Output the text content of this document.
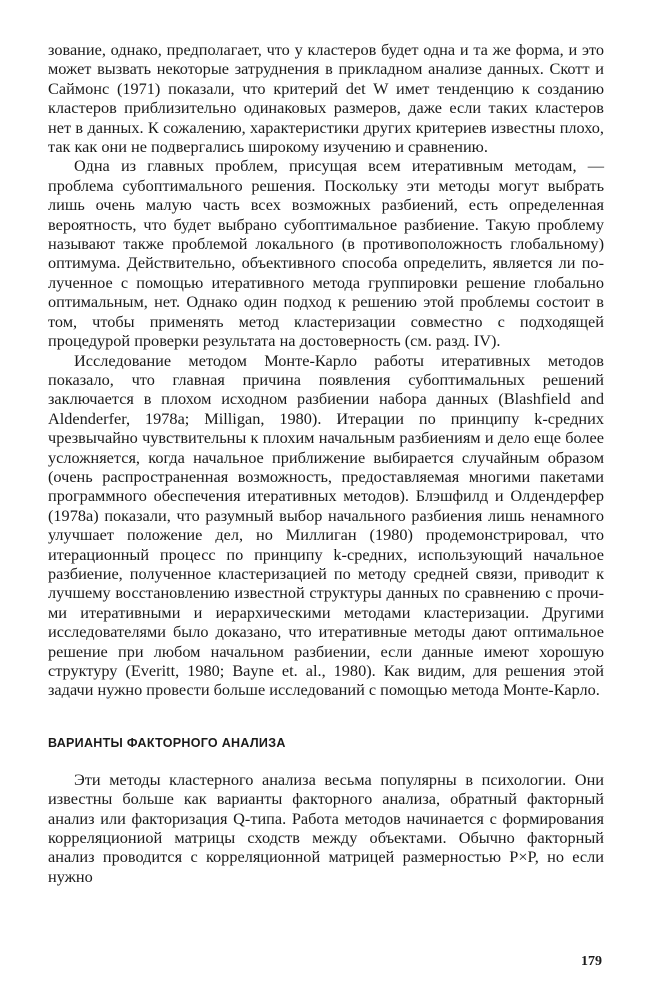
зование, однако, предполагает, что у кластеров будет одна и та же форма, и это может вызвать некоторые затруднения в прикладном анализе данных. Скотт и Саймонс (1971) показали, что критерий det W имет тенденцию к созданию кластеров приблизительно одинаковых размеров, даже если таких кластеров нет в данных. К сожалению, характеристики других критериев известны плохо, так как они не подвергались широкому изучению и сравнению.

Одна из главных проблем, присущая всем итеративным методам, — проблема субоптимального решения. Поскольку эти методы могут выбрать лишь очень малую часть всех возможных разбиений, есть определенная вероятность, что будет выбрано субоптимальное разбиение. Такую проблему называют также проблемой локального (в противоположность глобальному) оптимума. Действительно, объективного способа определить, является ли полученное с помощью итеративного метода группировки решение глобально оптимальным, нет. Однако один подход к решению этой проблемы состоит в том, чтобы применять метод кластеризации совместно с подходящей процедурой проверки результата на достоверность (см. разд. IV).

Исследование методом Монте-Карло работы итеративных методов показало, что главная причина появления субоптимальных решений заключается в плохом исходном разбиении набора данных (Blashfield and Aldenderfer, 1978a; Milligan, 1980). Итерации по принципу k-средних чрезвычайно чувствительны к плохим начальным разбиениям и дело еще более усложняется, когда начальное приближение выбирается случайным образом (очень распространенная возможность, предоставляемая многими пакетами программного обеспечения итеративных методов). Блэшфилд и Олдендерфер (1978a) показали, что разумный выбор начального разбиения лишь ненамного улучшает положение дел, но Миллиган (1980) продемонстрировал, что итерационный процесс по принципу k-средних, использующий начальное разбиение, полученное кластеризацией по методу средней связи, приводит к лучшему восстановлению известной структуры данных по сравнению с прочими итеративными и иерархическими методами кластеризации. Другими исследователями было доказано, что итеративные методы дают оптимальное решение при любом начальном разбиении, если данные имеют хорошую структуру (Everitt, 1980; Bayne et. al., 1980). Как видим, для решения этой задачи нужно провести больше исследований с помощью метода Монте-Карло.

ВАРИАНТЫ ФАКТОРНОГО АНАЛИЗА

Эти методы кластерного анализа весьма популярны в психологии. Они известны больше как варианты факторного анализа, обратный факторный анализ или факторизация Q-типа. Работа методов начинается с формирования корреляциониой матрицы сходств между объектами. Обычно факторный анализ проводится с корреляционной матрицей размерностью P×P, но если нужно

179
